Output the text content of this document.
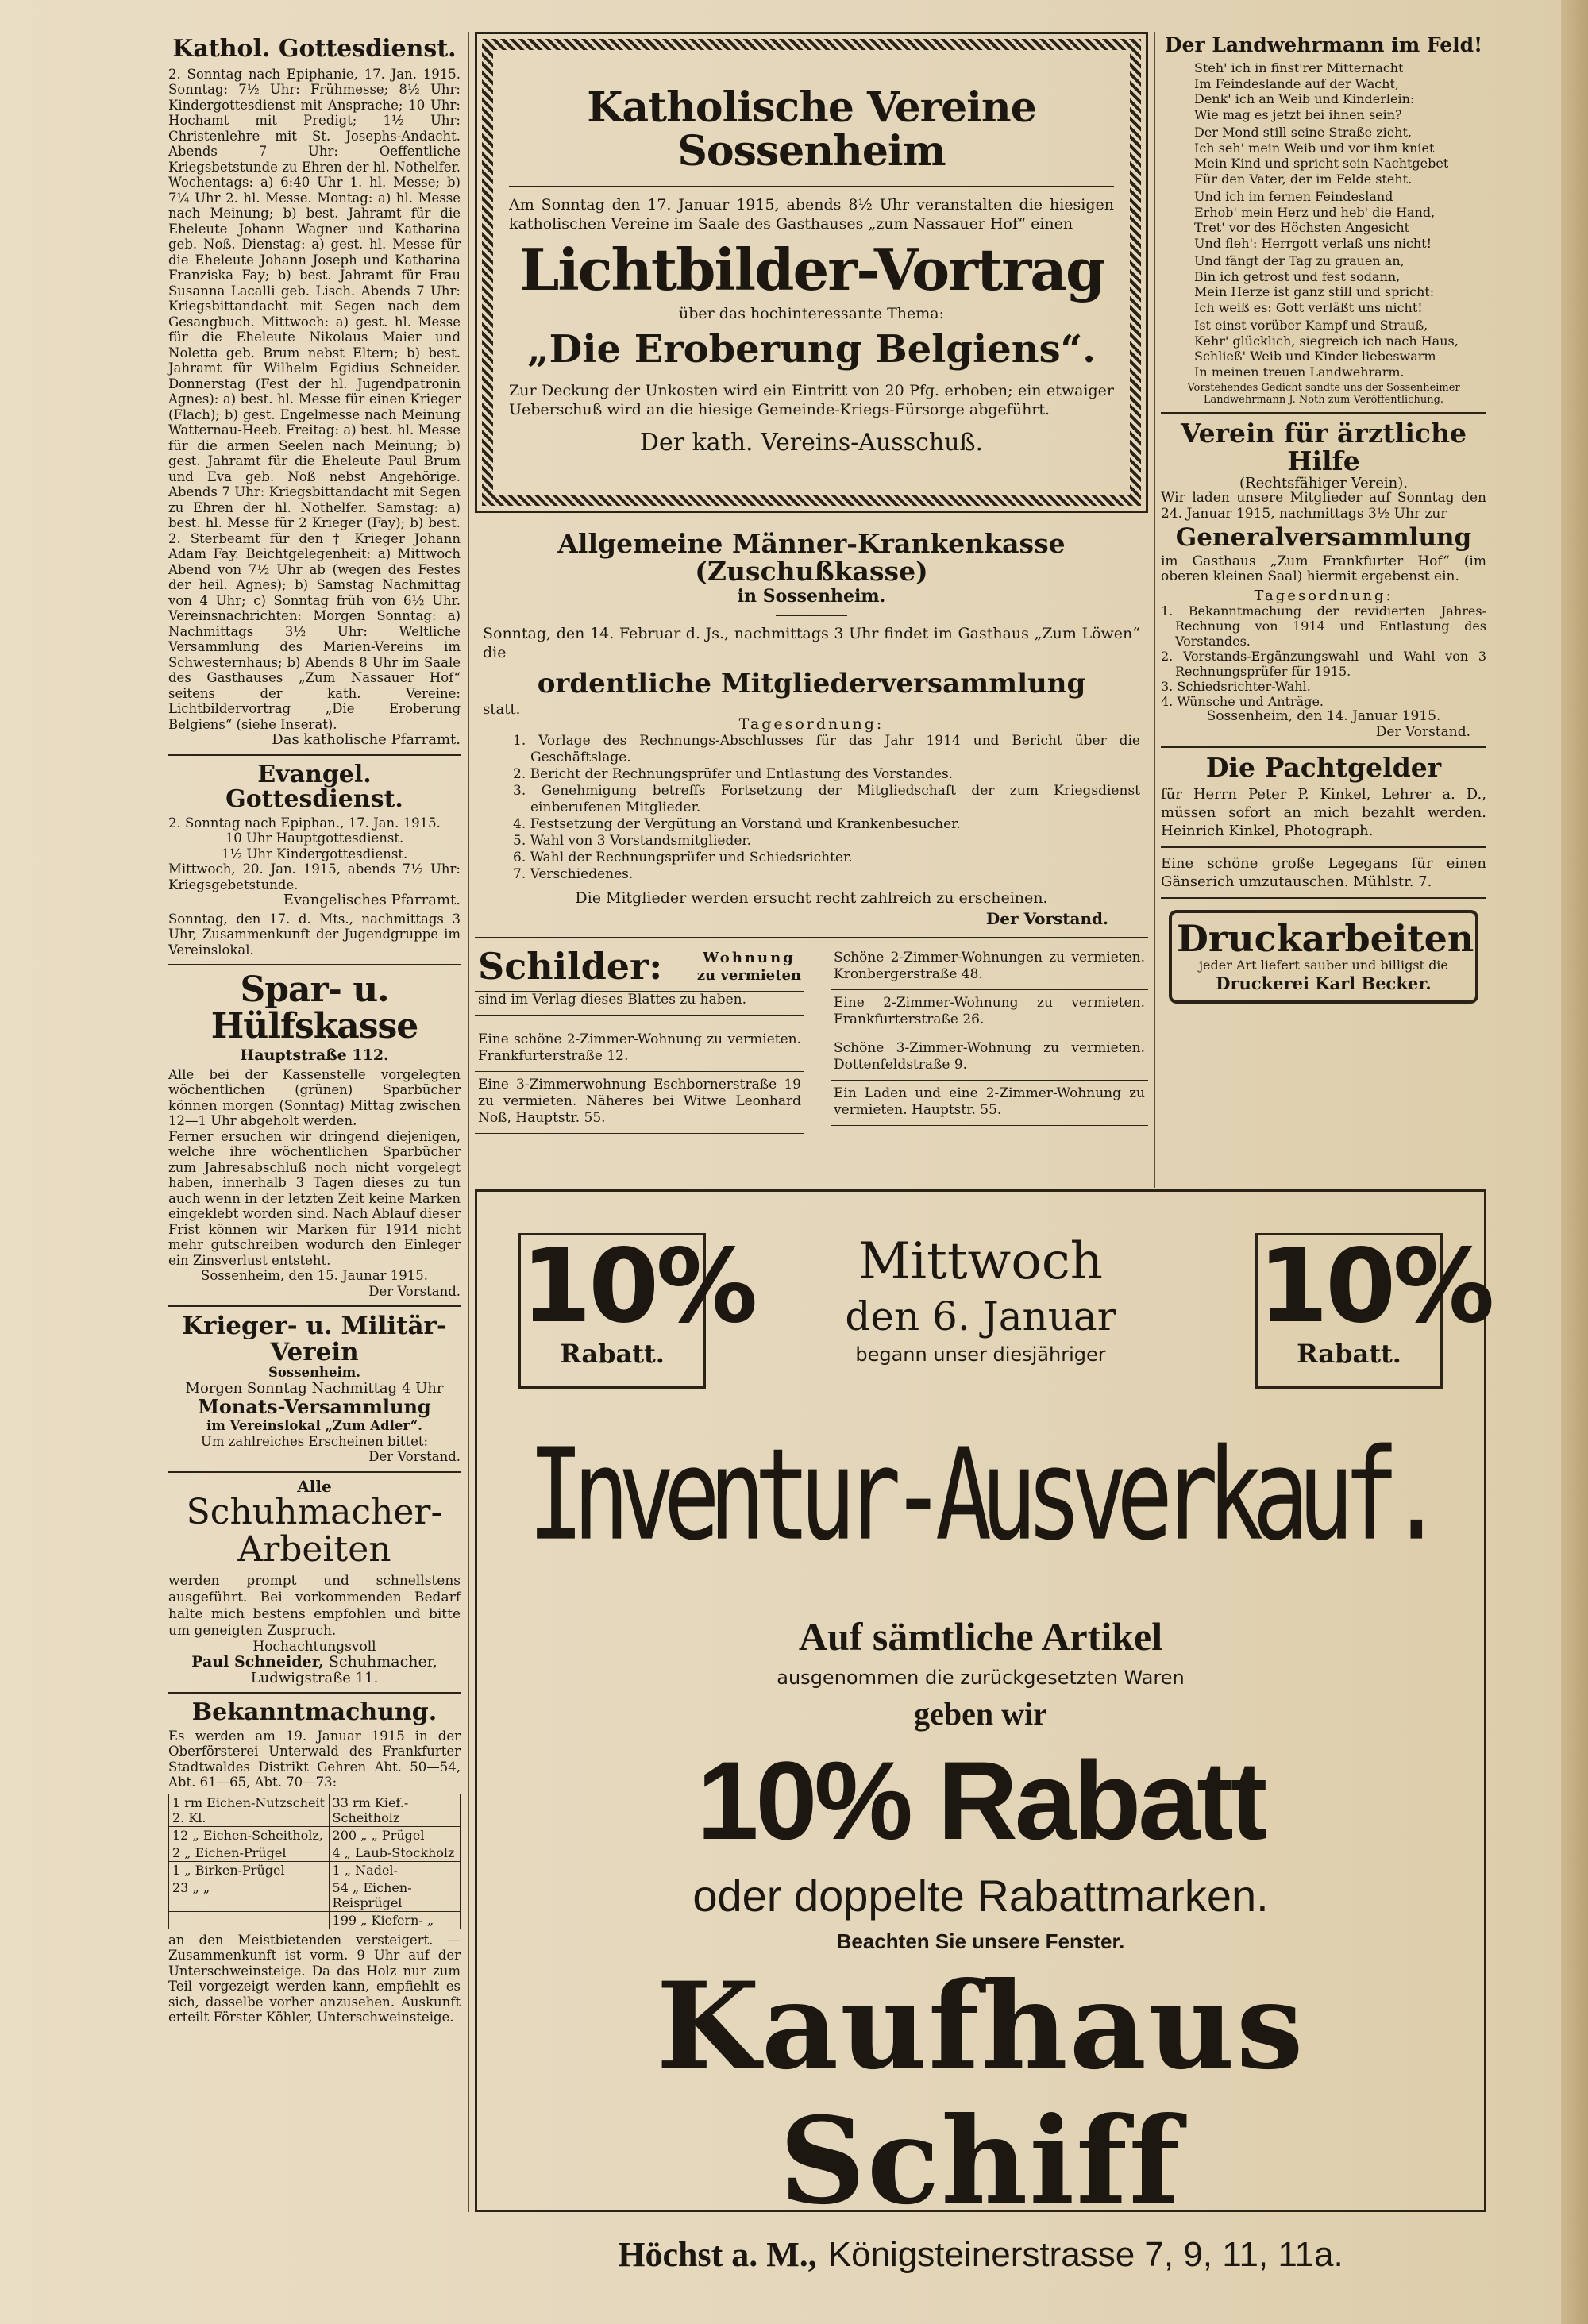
Kathol. Gottesdienst.

2. Sonntag nach Epiphanie, 17. Jan. 1915. Sonntag: 7½ Uhr: Frühmesse; 8½ Uhr: Kindergottesdienst mit Ansprache; 10 Uhr: Hochamt mit Predigt; 1½ Uhr: Christenlehre mit St. Josephs-Andacht. Abends 7 Uhr: Oeffentliche Kriegsbetstunde zu Ehren der hl. Nothelfer. Wochentags: a) 6:40 Uhr 1. hl. Messe; b) 7¼ Uhr 2. hl. Messe. Montag: a) hl. Messe nach Meinung; b) best. Jahramt für die Eheleute Johann Wagner und Katharina geb. Noß. Dienstag: a) gest. hl. Messe für die Eheleute Johann Joseph und Katharina Franziska Fay; b) best. Jahramt für Frau Susanna Lacalli geb. Lisch. Abends 7 Uhr: Kriegsbittandacht mit Segen nach dem Gesangbuch. Mittwoch: a) gest. hl. Messe für die Eheleute Nikolaus Maier und Noletta geb. Brum nebst Eltern; b) best. Jahramt für Wilhelm Egidius Schneider. Donnerstag (Fest der hl. Jugendpatronin Agnes): a) best. hl. Messe für einen Krieger (Flach); b) gest. Engelmesse nach Meinung Watternau-Heeb. Freitag: a) best. hl. Messe für die armen Seelen nach Meinung; b) gest. Jahramt für die Eheleute Paul Brum und Eva geb. Noß nebst Angehörige. Abends 7 Uhr: Kriegsbittandacht mit Segen zu Ehren der hl. Nothelfer. Samstag: a) best. hl. Messe für 2 Krieger (Fay); b) best. 2. Sterbeamt für den † Krieger Johann Adam Fay. Beichtgelegenheit: a) Mittwoch Abend von 7½ Uhr ab (wegen des Festes der heil. Agnes); b) Samstag Nachmittag von 4 Uhr; c) Sonntag früh von 6½ Uhr. Vereinsnachrichten: Morgen Sonntag: a) Nachmittags 3½ Uhr: Weltliche Versammlung des Marien-Vereins im Schwesternhaus; b) Abends 8 Uhr im Saale des Gasthauses „Zum Nassauer Hof“ seitens der kath. Vereine: Lichtbildervortrag „Die Eroberung Belgiens“ (siehe Inserat).

Das katholische Pfarramt.

Evangel. Gottesdienst.

2. Sonntag nach Epiphan., 17. Jan. 1915.

10 Uhr Hauptgottesdienst.

1½ Uhr Kindergottesdienst.

Mittwoch, 20. Jan. 1915, abends 7½ Uhr: Kriegsgebetstunde.

Evangelisches Pfarramt.

Sonntag, den 17. d. Mts., nachmittags 3 Uhr, Zusammenkunft der Jugendgruppe im Vereinslokal.

Spar- u. Hülfskasse

Hauptstraße 112.

Alle bei der Kassenstelle vorgelegten wöchentlichen (grünen) Sparbücher können morgen (Sonntag) Mittag zwischen 12—1 Uhr abgeholt werden.

Ferner ersuchen wir dringend diejenigen, welche ihre wöchentlichen Sparbücher zum Jahresabschluß noch nicht vorgelegt haben, innerhalb 3 Tagen dieses zu tun auch wenn in der letzten Zeit keine Marken eingeklebt worden sind. Nach Ablauf dieser Frist können wir Marken für 1914 nicht mehr gutschreiben wodurch den Einleger ein Zinsverlust entsteht.

Sossenheim, den 15. Jaunar 1915.

Der Vorstand.

Krieger- u. Militär-Verein

Sossenheim.

Morgen Sonntag Nachmittag 4 Uhr

Monats-Versammlung

im Vereinslokal „Zum Adler“.

Um zahlreiches Erscheinen bittet:

Der Vorstand.

Alle

Schuhmacher-
Arbeiten

werden prompt und schnellstens ausgeführt. Bei vorkommenden Bedarf halte mich bestens empfohlen und bitte um geneigten Zuspruch.

Hochachtungsvoll

Paul Schneider, Schuhmacher,

Ludwigstraße 11.

Bekanntmachung.

Es werden am 19. Januar 1915 in der Oberförsterei Unterwald des Frankfurter Stadtwaldes Distrikt Gehren Abt. 50—54, Abt. 61—65, Abt. 70—73:

1 rm Eichen-Nutzscheit 2. Kl.	33 rm Kief.-Scheitholz
12 „ Eichen-Scheitholz,	200 „ „ Prügel
2 „ Eichen-Prügel	4 „ Laub-Stockholz
1 „ Birken-Prügel	1 „ Nadel-
23 „ „	54 „ Eichen-Reisprügel
	199 „ Kiefern- „

an den Meistbietenden versteigert. — Zusammenkunft ist vorm. 9 Uhr auf der Unterschweinsteige. Da das Holz nur zum Teil vorgezeigt werden kann, empfiehlt es sich, dasselbe vorher anzusehen. Auskunft erteilt Förster Köhler, Unterschweinsteige.

Katholische Vereine Sossenheim

Am Sonntag den 17. Januar 1915, abends 8½ Uhr veranstalten die hiesigen katholischen Vereine im Saale des Gasthauses „zum Nassauer Hof“ einen

Lichtbilder-Vortrag

über das hochinteressante Thema:

„Die Eroberung Belgiens“.

Zur Deckung der Unkosten wird ein Eintritt von 20 Pfg. erhoben; ein etwaiger Ueberschuß wird an die hiesige Gemeinde-Kriegs-Fürsorge abgeführt.

Der kath. Vereins-Ausschuß.

Allgemeine Männer-Krankenkasse (Zuschußkasse)

in Sossenheim.

Sonntag, den 14. Februar d. Js., nachmittags 3 Uhr findet im Gasthaus „Zum Löwen“ die

ordentliche Mitgliederversammlung

statt.

Tagesordnung:

1. Vorlage des Rechnungs-Abschlusses für das Jahr 1914 und Bericht über die Geschäftslage.

2. Bericht der Rechnungsprüfer und Entlastung des Vorstandes.

3. Genehmigung betreffs Fortsetzung der Mitgliedschaft der zum Kriegsdienst einberufenen Mitglieder.

4. Festsetzung der Vergütung an Vorstand und Krankenbesucher.

5. Wahl von 3 Vorstandsmitglieder.

6. Wahl der Rechnungsprüfer und Schiedsrichter.

7. Verschiedenes.

Die Mitglieder werden ersucht recht zahlreich zu erscheinen.

Der Vorstand.

Schilder:	Wohnung
zu vermieten
sind im Verlag dieses Blattes zu haben.
Eine schöne 2-Zimmer-Wohnung zu vermieten. Frankfurterstraße 12.
Eine 3-Zimmerwohnung Eschbornerstraße 19 zu vermieten. Näheres bei Witwe Leonhard Noß, Hauptstr. 55.
Schöne 2-Zimmer-Wohnungen zu vermieten. Kronbergerstraße 48.
Eine 2-Zimmer-Wohnung zu vermieten. Frankfurterstraße 26.
Schöne 3-Zimmer-Wohnung zu vermieten. Dottenfeldstraße 9.
Ein Laden und eine 2-Zimmer-Wohnung zu vermieten. Hauptstr. 55.
Der Landwehrmann im Feld!

Steh' ich in finst'rer Mitternacht
Im Feindeslande auf der Wacht,
Denk' ich an Weib und Kinderlein:
Wie mag es jetzt bei ihnen sein?

Der Mond still seine Straße zieht,
Ich seh' mein Weib und vor ihm kniet
Mein Kind und spricht sein Nachtgebet
Für den Vater, der im Felde steht.

Und ich im fernen Feindesland
Erhob' mein Herz und heb' die Hand,
Tret' vor des Höchsten Angesicht
Und fleh': Herrgott verlaß uns nicht!

Und fängt der Tag zu grauen an,
Bin ich getrost und fest sodann,
Mein Herze ist ganz still und spricht:
Ich weiß es: Gott verläßt uns nicht!

Ist einst vorüber Kampf und Strauß,
Kehr' glücklich, siegreich ich nach Haus,
Schließ' Weib und Kinder liebeswarm
In meinen treuen Landwehrarm.

Vorstehendes Gedicht sandte uns der Sossenheimer Landwehrmann J. Noth zum Veröffentlichung.

Verein für ärztliche Hilfe

(Rechtsfähiger Verein).

Wir laden unsere Mitglieder auf Sonntag den 24. Januar 1915, nachmittags 3½ Uhr zur

Generalversammlung

im Gasthaus „Zum Frankfurter Hof“ (im oberen kleinen Saal) hiermit ergebenst ein.

Tagesordnung:

1. Bekanntmachung der revidierten Jahres-Rechnung von 1914 und Entlastung des Vorstandes.

2. Vorstands-Ergänzungswahl und Wahl von 3 Rechnungsprüfer für 1915.

3. Schiedsrichter-Wahl.

4. Wünsche und Anträge.

Sossenheim, den 14. Januar 1915.

Der Vorstand.

Die Pachtgelder

für Herrn Peter P. Kinkel, Lehrer a. D., müssen sofort an mich bezahlt werden. Heinrich Kinkel, Photograph.

Eine schöne große Legegans für einen Gänserich umzutauschen. Mühlstr. 7.

Druckarbeiten

jeder Art liefert sauber und billigst die

Druckerei Karl Becker.

10%
Rabatt.
10%
Rabatt.
Mittwoch
den 6. Januar
begann unser diesjähriger
Inventur-Ausverkauf.
Auf sämtliche Artikel
ausgenommen die zurückgesetzten Waren
geben wir
10% Rabatt
oder doppelte Rabattmarken.
Beachten Sie unsere Fenster.
Kaufhaus Schiff
Höchst a. M., Königsteinerstrasse 7, 9, 11, 11a.
